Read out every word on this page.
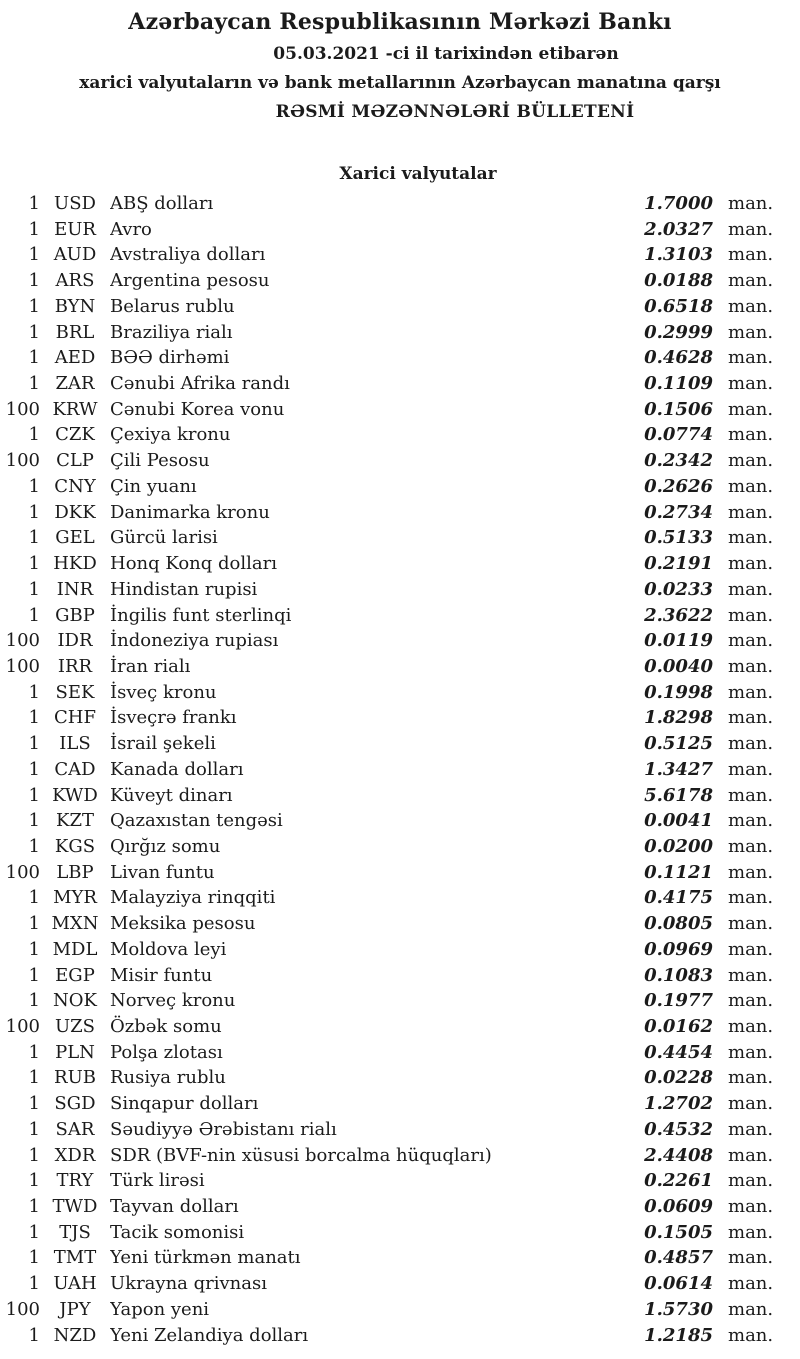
Azərbaycan Respublikasının Mərkəzi Bankı
05.03.2021 -ci il tarixindən etibarən
xarici valyutaların və bank metallarının Azərbaycan manatına qarşı
RƏSMİ MƏZƏNNƏLƏRİ BÜLLETENİ
Xarici valyutalar
1 USD ABŞ dolları	1.7000 man.
1 EUR Avro	2.0327 man.
1 AUD Avstraliya dolları	1.3103 man.
1 ARS Argentina pesosu	0.0188 man.
1 BYN Belarus rublu	0.6518 man.
1 BRL Braziliya rialı	0.2999 man.
1 AED BƏƏ dirhəmi	0.4628 man.
1 ZAR Cənubi Afrika randı	0.1109 man.
100 KRW Cənubi Korea vonu	0.1506 man.
1 CZK Çexiya kronu	0.0774 man.
100 CLP Çili Pesosu	0.2342 man.
1 CNY Çin yuanı	0.2626 man.
1 DKK Danimarka kronu	0.2734 man.
1 GEL Gürcü larisi	0.5133 man.
1 HKD Honq Konq dolları	0.2191 man.
1 INR Hindistan rupisi	0.0233 man.
1 GBP İngilis funt sterlinqi	2.3622 man.
100 IDR İndoneziya rupiası	0.0119 man.
100 IRR İran rialı	0.0040 man.
1 SEK İsveç kronu	0.1998 man.
1 CHF İsveçrə frankı	1.8298 man.
1	ILS	İsrail şekeli	0.5125 man.
1 CAD Kanada dolları	1.3427 man.
1 KWD Küveyt dinarı	5.6178 man.
1 KZT Qazaxıstan tengəsi	0.0041 man.
1 KGS Qırğız somu	0.0200 man.
100 LBP Livan funtu	0.1121 man.
1 MYR Malayziya rinqqiti	0.4175 man.
1 MXN Meksika pesosu	0.0805 man.
1 MDL Moldova leyi	0.0969 man.
1 EGP Misir funtu	0.1083 man.
1 NOK Norveç kronu	0.1977 man.
100 UZS Özbək somu	0.0162 man.
1 PLN Polşa zlotası	0.4454 man.
1 RUB Rusiya rublu	0.0228 man.
1 SGD Sinqapur dolları	1.2702 man.
1 SAR Səudiyyə Ərəbistanı rialı	0.4532 man.
1 XDR SDR (BVF-nin xüsusi borcalma hüquqları)	2.4408 man.
1 TRY Türk lirəsi	0.2261 man.
1 TWD Tayvan dolları	0.0609 man.
1	TJS	Tacik somonisi	0.1505 man.
1 TMT Yeni türkmən manatı	0.4857 man.
1 UAH Ukrayna qrivnası	0.0614 man.
100	JPY	Yapon yeni	1.5730 man.
1 NZD Yeni Zelandiya dolları	1.2185 man.
